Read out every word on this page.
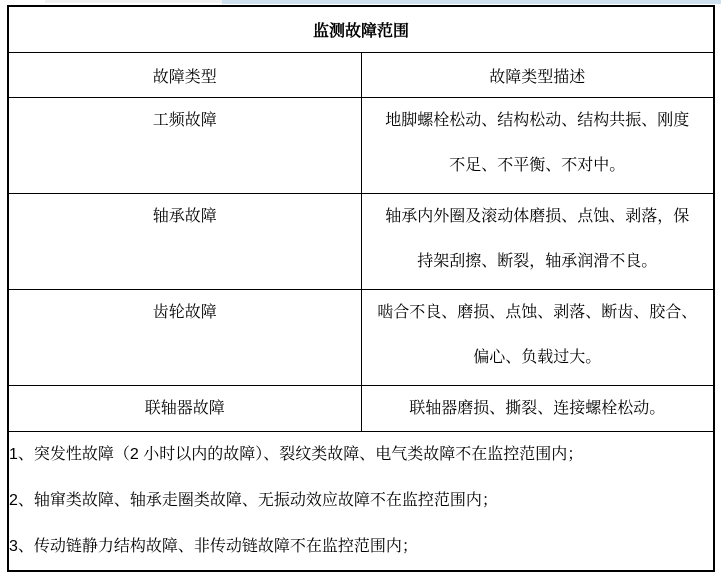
监测故障范围	
故障类型	故障类型描述
工频故障	地脚螺栓松动、结构松动、结构共振、刚度
不足、不平衡、不对中。

轴承故障	轴承内外圈及滚动体磨损、点蚀、剥落，保
持架刮擦、断裂，轴承润滑不良。

齿轮故障	啮合不良、磨损、点蚀、剥落、断齿、胶合、
偏心、负载过大。

联轴器故障	联轴器磨损、撕裂、连接螺栓松动。

1、突发性故障（2 小时以内的故障）、裂纹类故障、电气类故障不在监控范围内；
2、轴窜类故障、轴承走圈类故障、无振动效应故障不在监控范围内；
3、传动链静力结构故障、非传动链故障不在监控范围内；	
